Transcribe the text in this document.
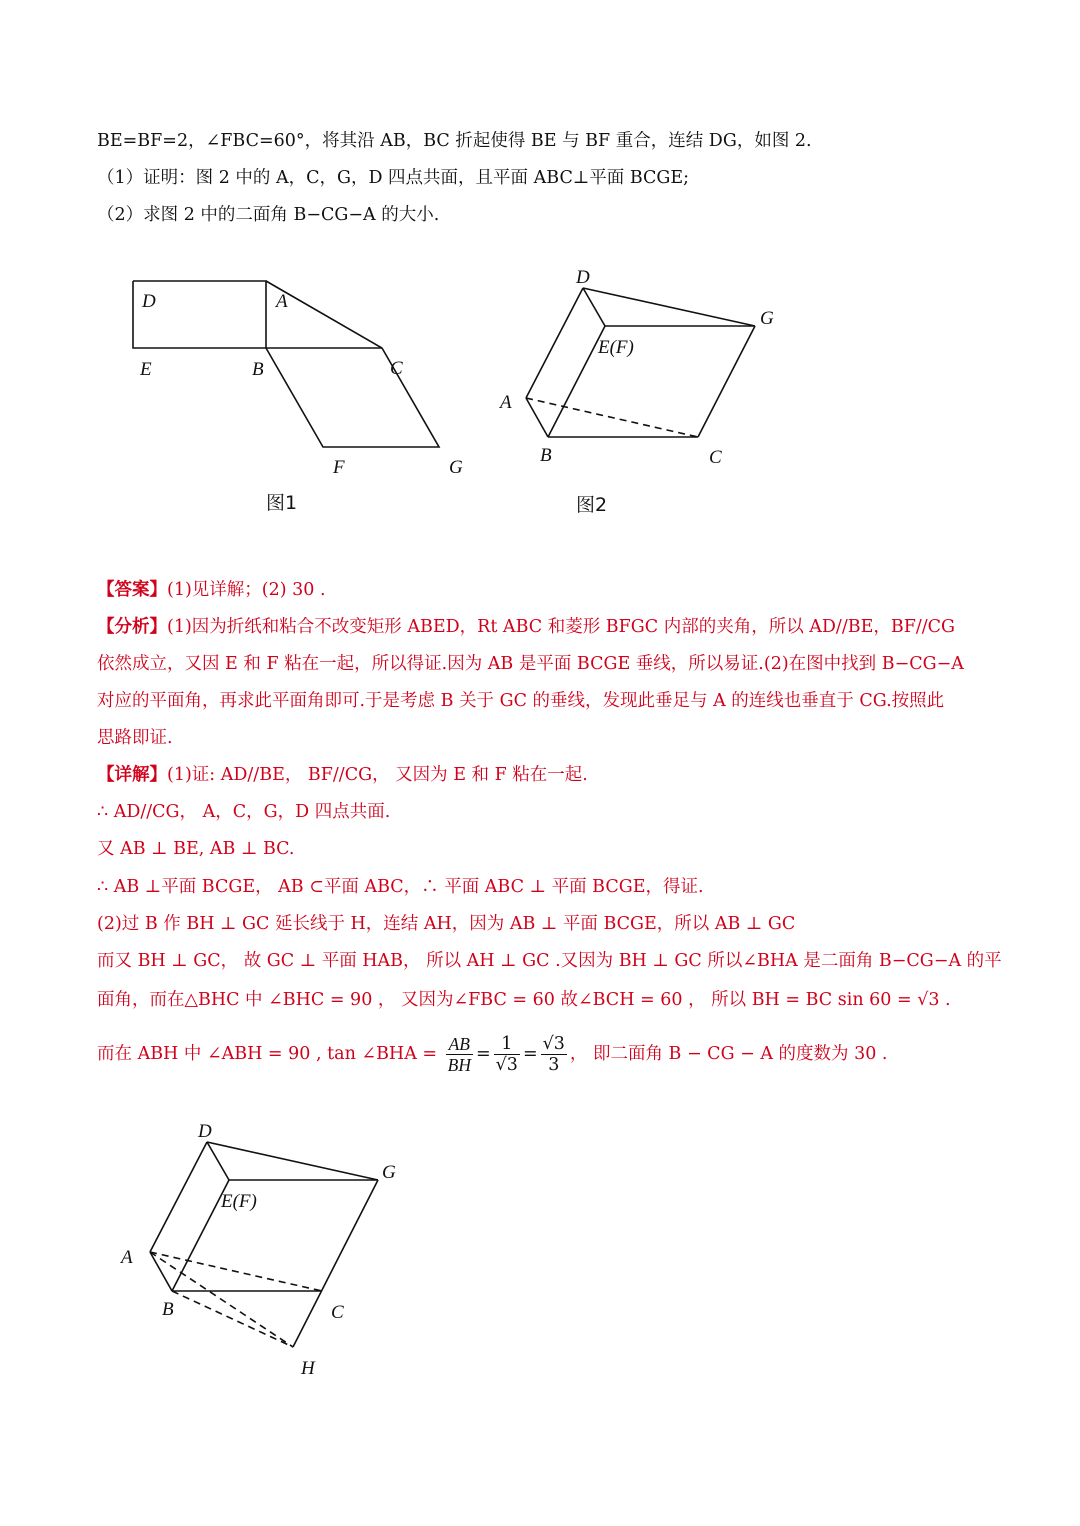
BE=BF=2，∠FBC=60°，将其沿 AB，BC 折起使得 BE 与 BF 重合，连结 DG，如图 2.
（1）证明：图 2 中的 A，C，G，D 四点共面，且平面 ABC⊥平面 BCGE;
（2）求图 2 中的二面角 B−CG−A 的大小.
D	A
E	B	C
F	G
图1
D
G
E(F)
A
B	C
图2
【答案】(1)见详解；(2) 30 .
【分析】(1)因为折纸和粘合不改变矩形 ABED，Rt ABC 和菱形 BFGC 内部的夹角，所以 AD//BE，BF//CG
依然成立，又因 E 和 F 粘在一起，所以得证.因为 AB 是平面 BCGE 垂线，所以易证.(2)在图中找到 B−CG−A
对应的平面角，再求此平面角即可.于是考虑 B 关于 GC 的垂线，发现此垂足与 A 的连线也垂直于 CG.按照此
思路即证.
【详解】(1)证: AD//BE， BF//CG， 又因为 E 和 F 粘在一起.
∴ AD//CG， A，C，G，D 四点共面.
又 AB ⊥ BE, AB ⊥ BC.
∴ AB ⊥平面 BCGE， AB ⊂平面 ABC，∴ 平面 ABC ⊥ 平面 BCGE，得证.
(2)过 B 作 BH ⊥ GC 延长线于 H，连结 AH，因为 AB ⊥ 平面 BCGE，所以 AB ⊥ GC
而又 BH ⊥ GC， 故 GC ⊥ 平面 HAB， 所以 AH ⊥ GC .又因为 BH ⊥ GC 所以∠BHA 是二面角 B−CG−A 的平
面角，而在△BHC 中 ∠BHC = 90 ， 又因为∠FBC = 60 故∠BCH = 60 ， 所以 BH = BC sin 60 = √3 .
而在 ABH 中 ∠ABH = 90 , tan ∠BHA = $\frac{AB}{BH} = \frac{1}{√3} = \frac{√3}{3}$ ， 即二面角 B − CG − A 的度数为 30 .
D
G
E(F)
A
B	C
H
